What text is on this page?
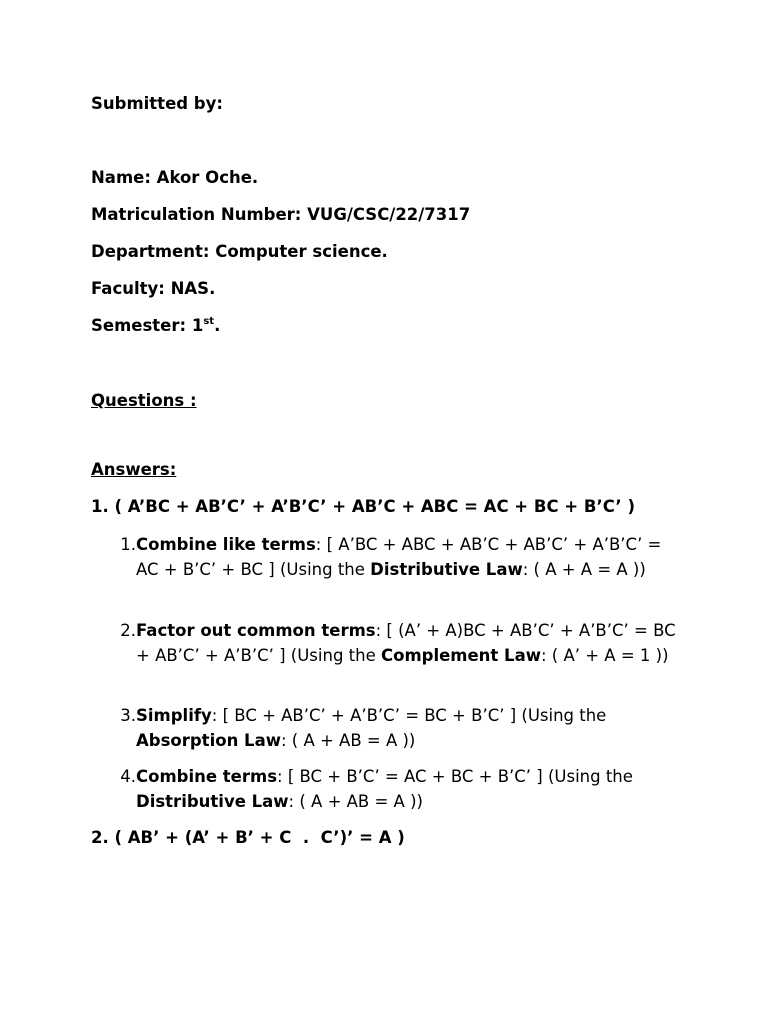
Submitted by:
Name: Akor Oche.
Matriculation Number: VUG/CSC/22/7317
Department: Computer science.
Faculty: NAS.
Semester: 1st.
Questions :
Answers:
1. ( A’BC + AB’C’ + A’B’C’ + AB’C + ABC = AC + BC + B’C’ )
1. Combine like terms: [ A’BC + ABC + AB’C + AB’C’ + A’B’C’ = AC + B’C’ + BC ] (Using the Distributive Law: ( A + A = A ))
2. Factor out common terms: [ (A’ + A)BC + AB’C’ + A’B’C’ = BC + AB’C’ + A’B’C’ ] (Using the Complement Law: ( A’ + A = 1 ))
3. Simplify: [ BC + AB’C’ + A’B’C’ = BC + B’C’ ] (Using the Absorption Law: ( A + AB = A ))
4. Combine terms: [ BC + B’C’ = AC + BC + B’C’ ] (Using the Distributive Law: ( A + AB = A ))
2. ( AB’ + (A’ + B’ + C  .  C’)’ = A )
